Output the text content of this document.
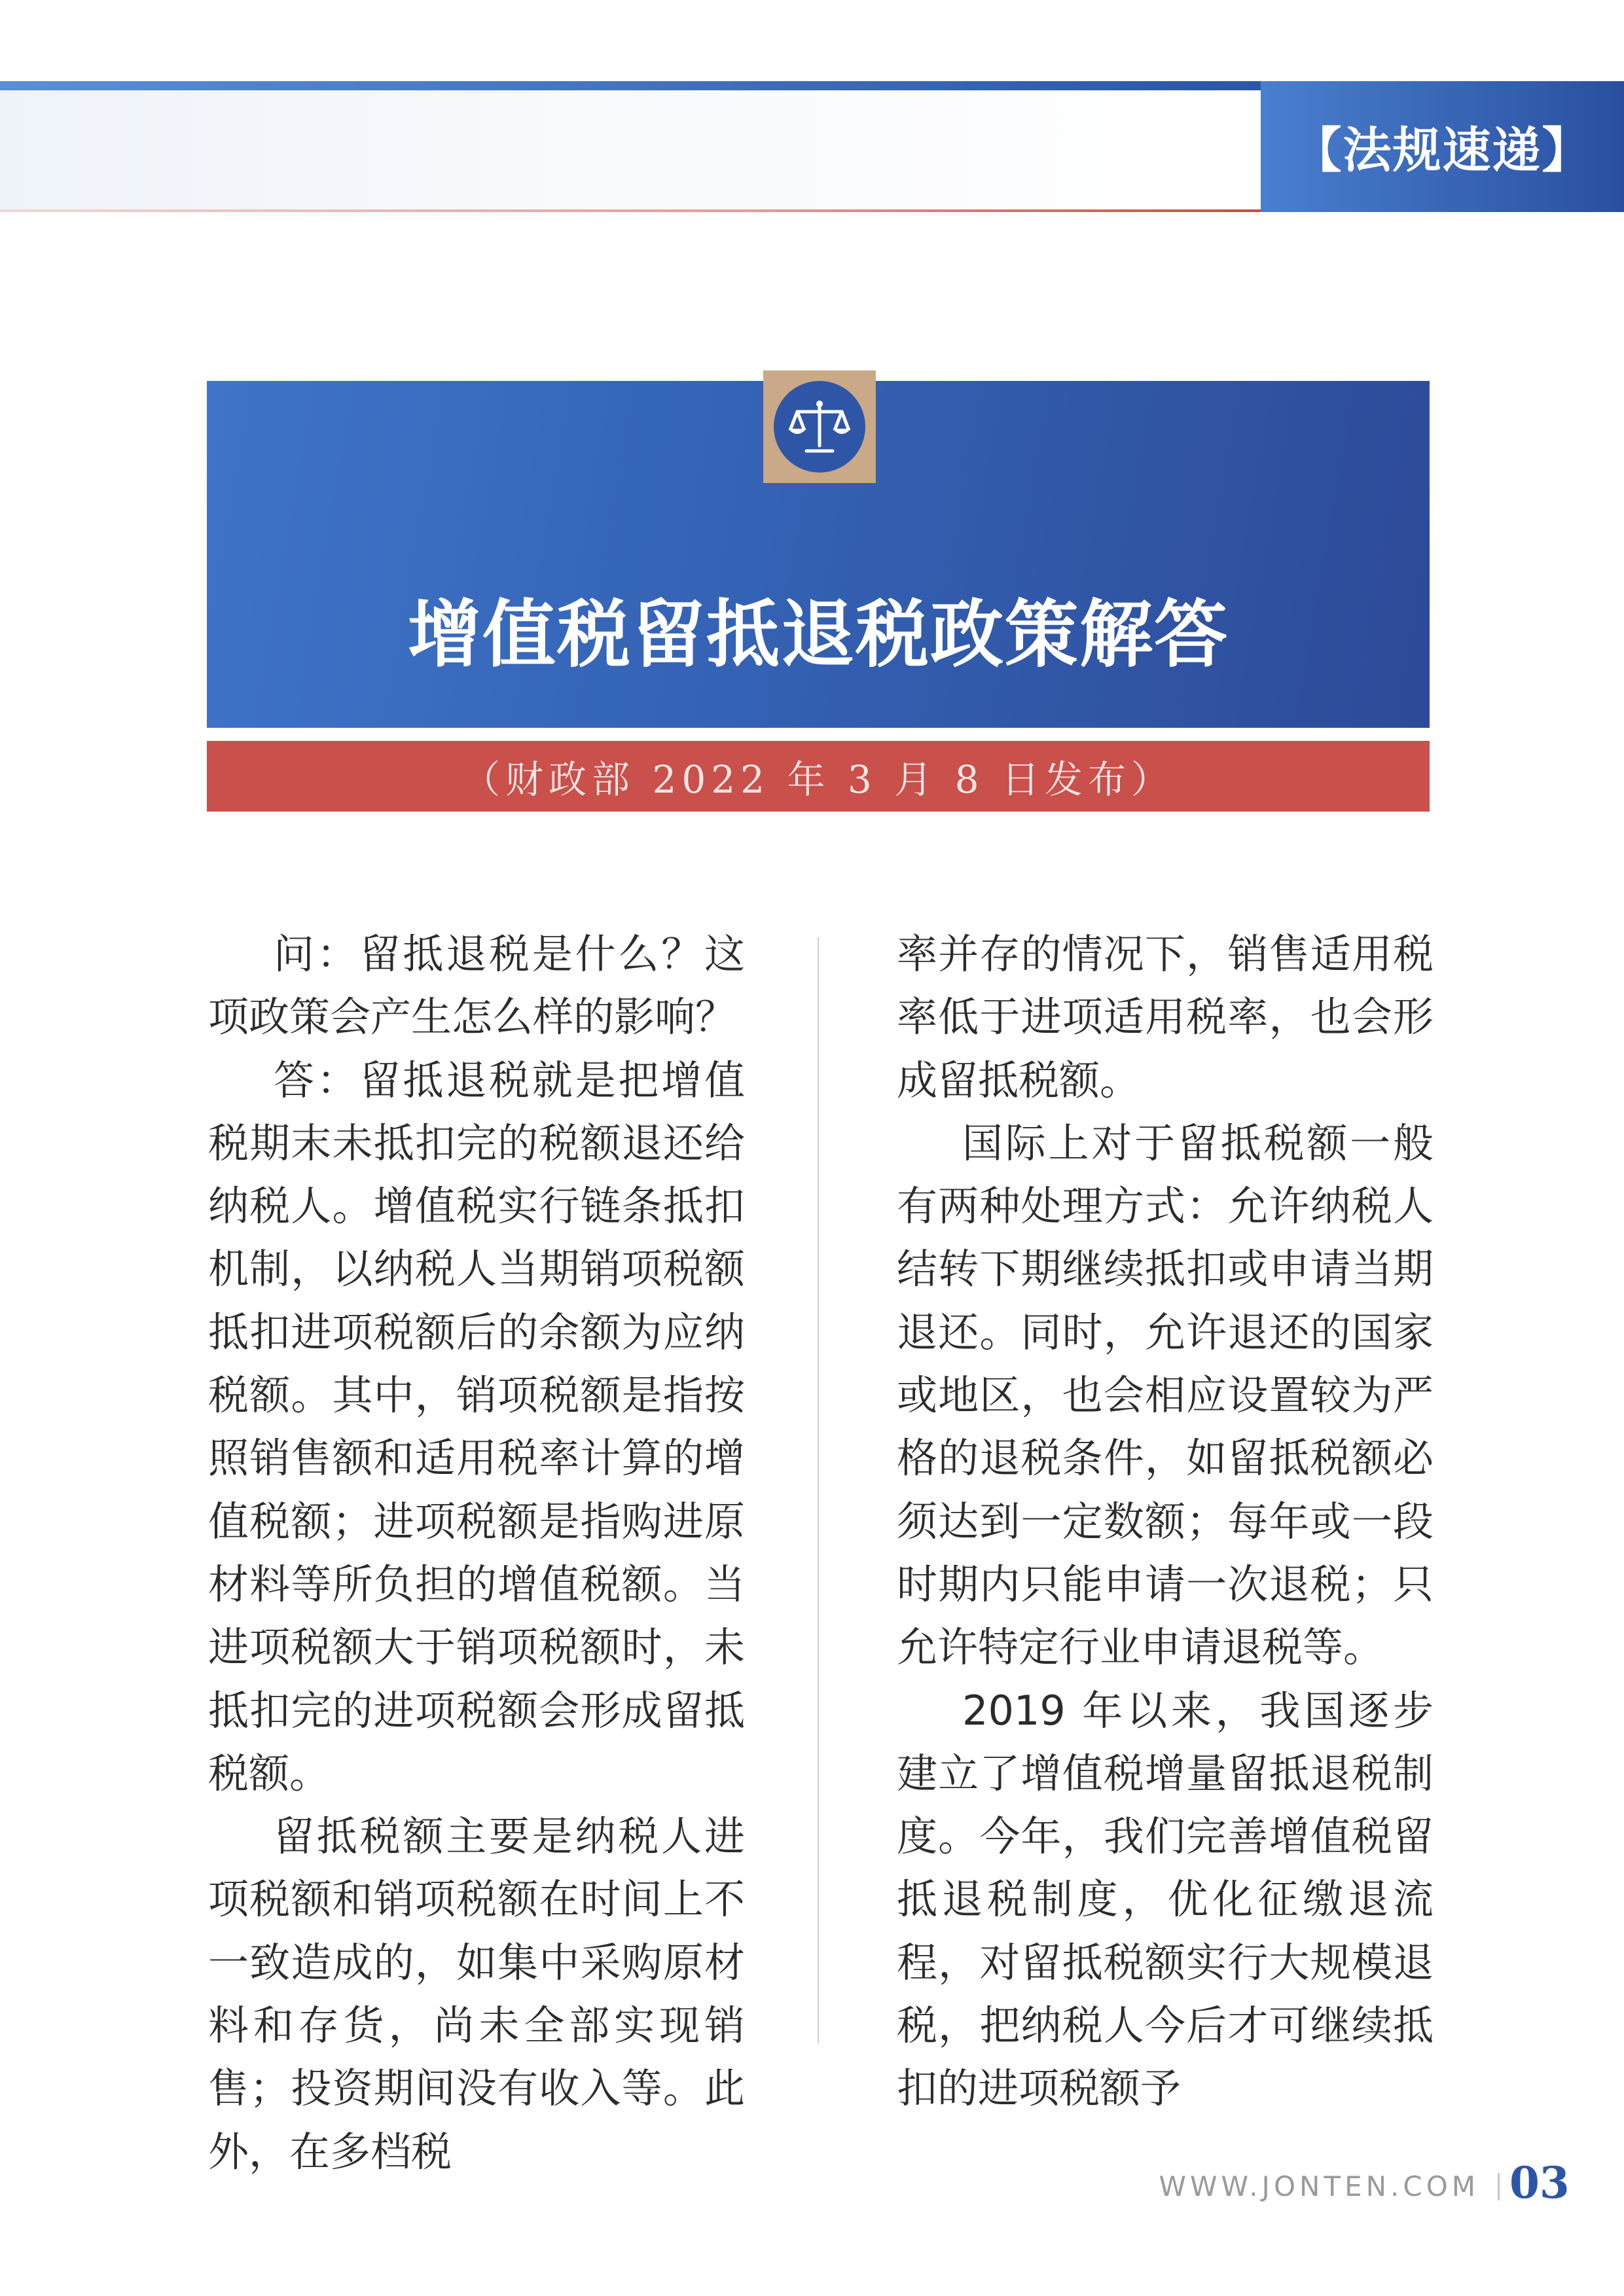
【法规速递】
增值税留抵退税政策解答
（财政部 2022 年 3 月 8 日发布）

问：留抵退税是什么？这项政策会产生怎么样的影响？

答：留抵退税就是把增值税期末未抵扣完的税额退还给纳税人。增值税实行链条抵扣机制，以纳税人当期销项税额抵扣进项税额后的余额为应纳税额。其中，销项税额是指按照销售额和适用税率计算的增值税额；进项税额是指购进原材料等所负担的增值税额。当进项税额大于销项税额时，未抵扣完的进项税额会形成留抵税额。

留抵税额主要是纳税人进项税额和销项税额在时间上不一致造成的，如集中采购原材料和存货，尚未全部实现销售；投资期间没有收入等。此外，在多档税

率并存的情况下，销售适用税率低于进项适用税率，也会形成留抵税额。

国际上对于留抵税额一般有两种处理方式：允许纳税人结转下期继续抵扣或申请当期退还。同时，允许退还的国家或地区，也会相应设置较为严格的退税条件，如留抵税额必须达到一定数额；每年或一段时期内只能申请一次退税；只允许特定行业申请退税等。

2019 年以来，我国逐步建立了增值税增量留抵退税制度。今年，我们完善增值税留抵退税制度，优化征缴退流程，对留抵税额实行大规模退税，把纳税人今后才可继续抵扣的进项税额予

WWW.JONTEN.COM 03
